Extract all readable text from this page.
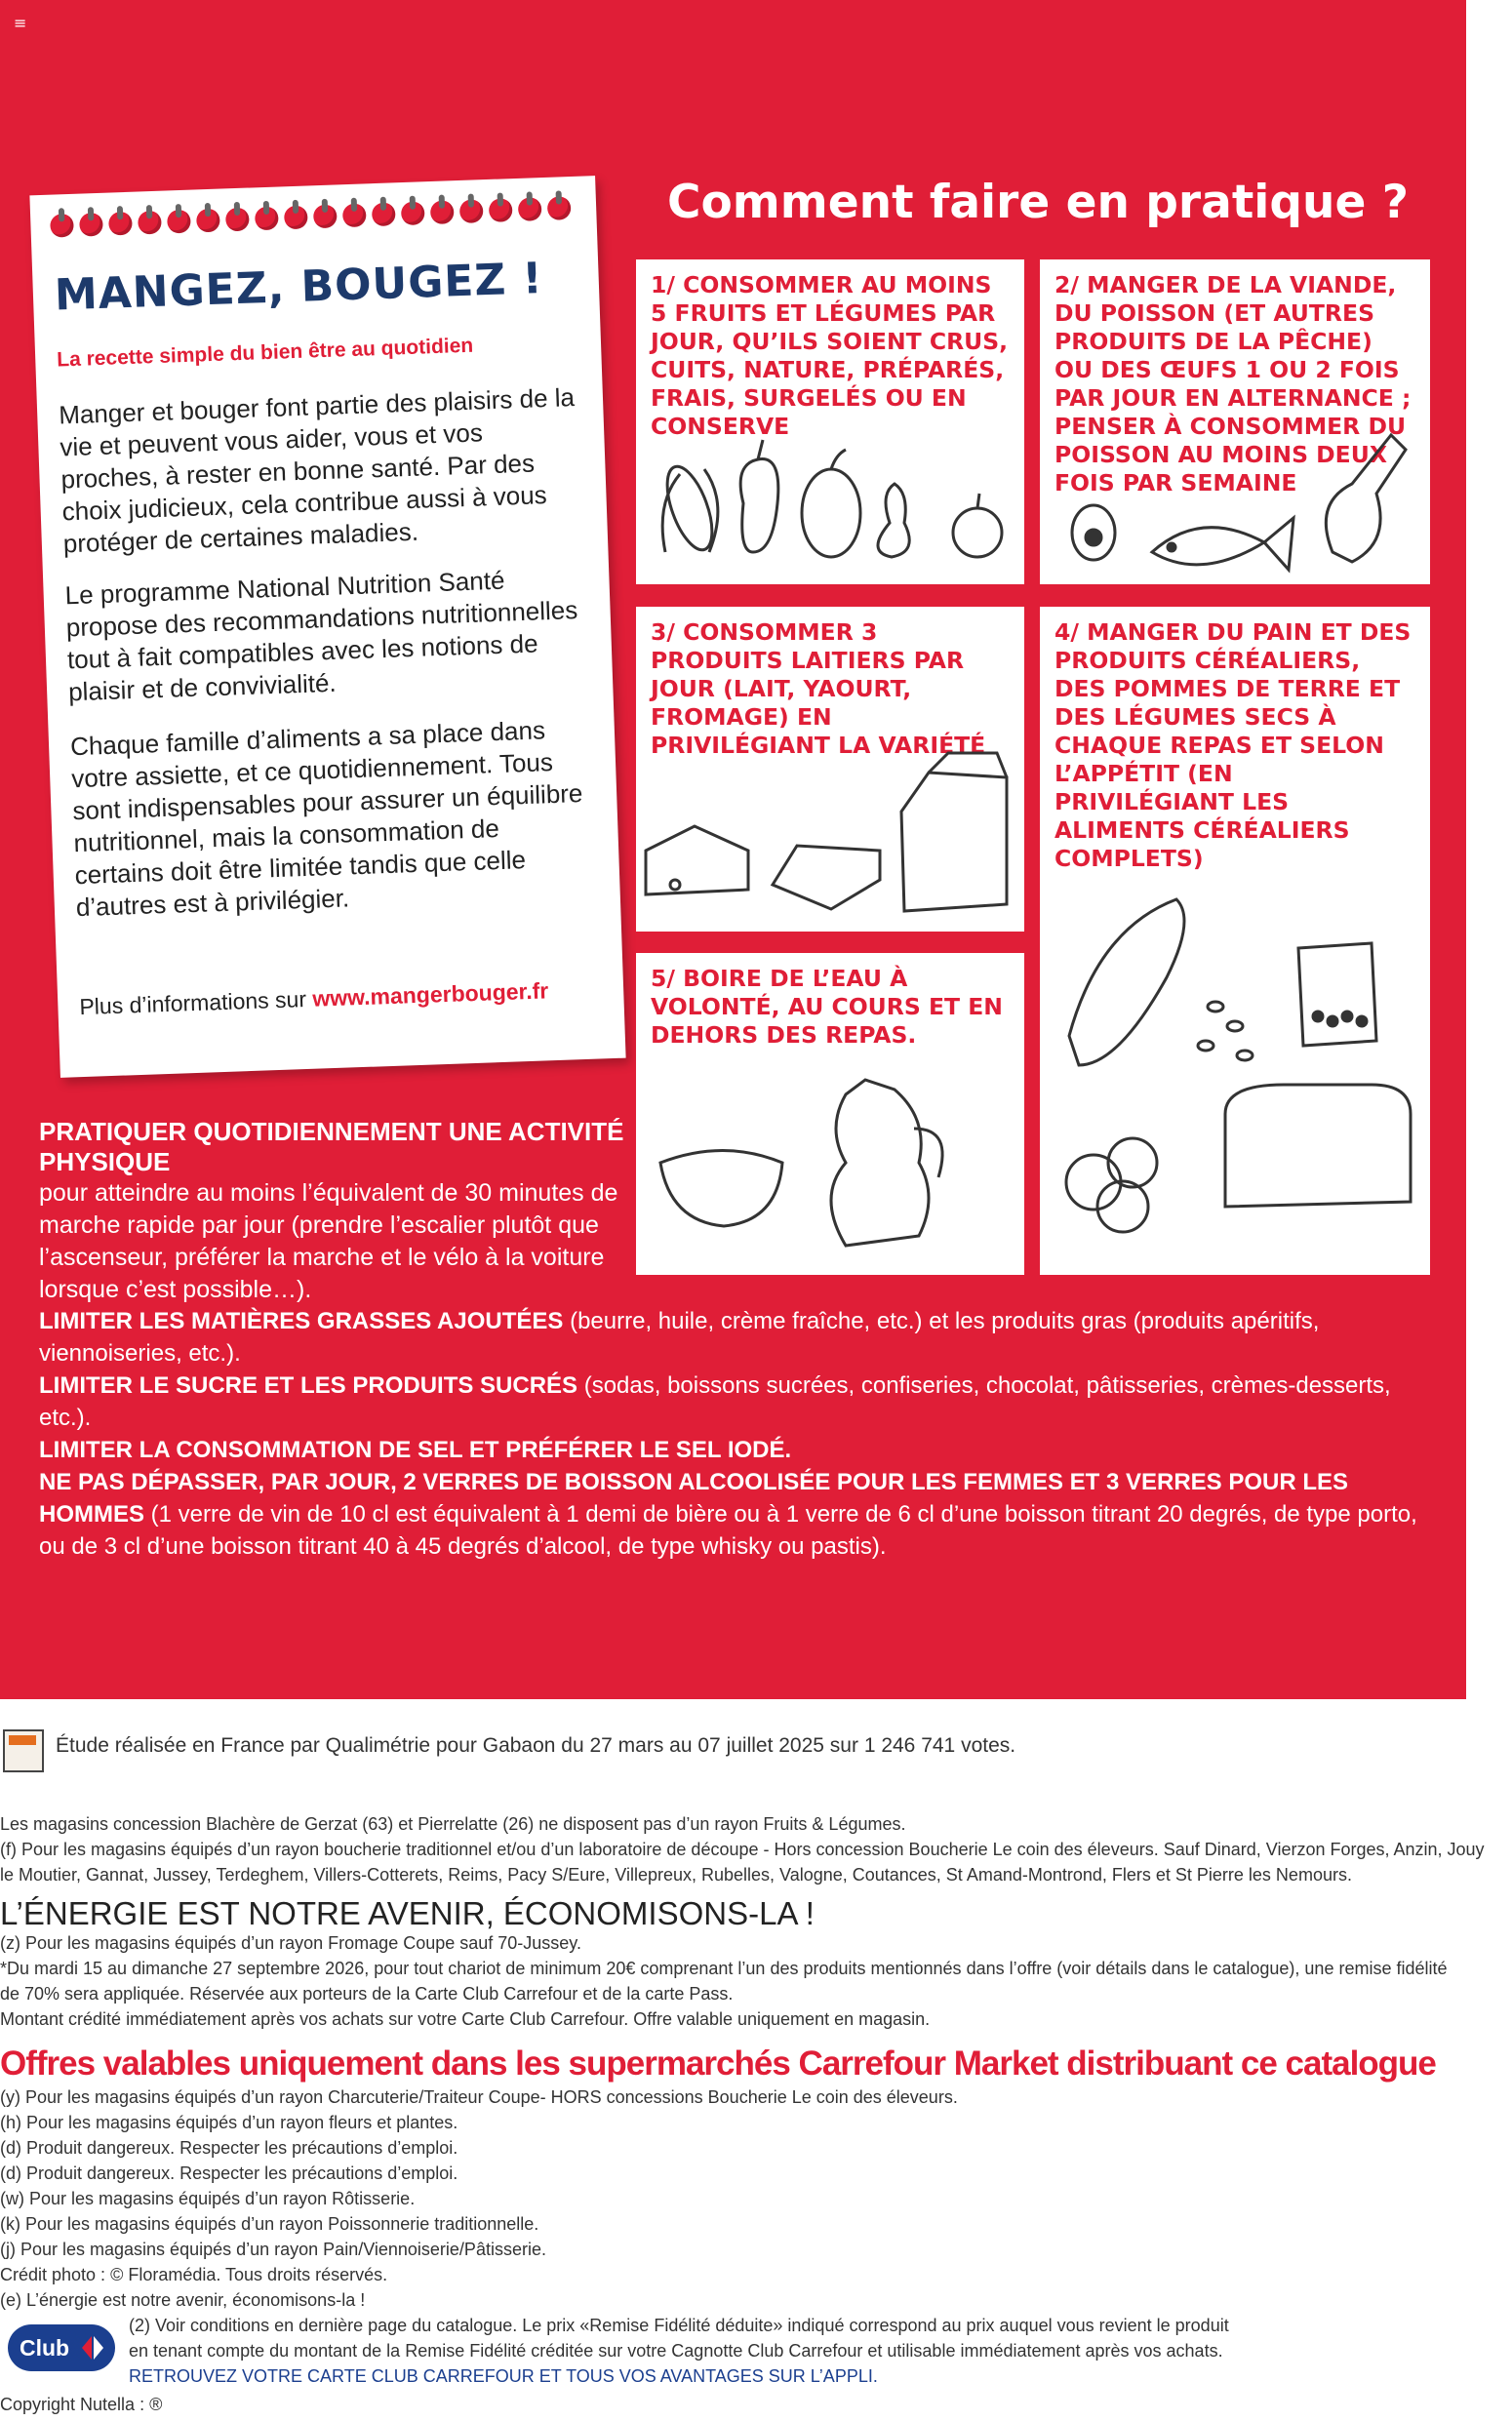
≡
MANGEZ, BOUGEZ !
La recette simple du bien être au quotidien
Manger et bouger font partie des plaisirs de la vie et peuvent vous aider, vous et vos proches, à rester en bonne santé. Par des choix judicieux, cela contribue aussi à vous protéger de certaines maladies.
Le programme National Nutrition Santé propose des recommandations nutritionnelles tout à fait compatibles avec les notions de plaisir et de convivialité.
Chaque famille d’aliments a sa place dans votre assiette, et ce quotidiennement. Tous sont indispensables pour assurer un équilibre nutritionnel, mais la consommation de certains doit être limitée tandis que celle d’autres est à privilégier.
Plus d’informations sur www.mangerbouger.fr
Comment faire en pratique ?
1/ CONSOMMER AU MOINS 5 FRUITS ET LÉGUMES PAR JOUR, QU’ILS SOIENT CRUS, CUITS, NATURE, PRÉPARÉS, FRAIS, SURGELÉS OU EN CONSERVE
2/ MANGER DE LA VIANDE, DU POISSON (ET AUTRES PRODUITS DE LA PÊCHE) OU DES ŒUFS 1 OU 2 FOIS PAR JOUR EN ALTERNANCE ; PENSER À CONSOMMER DU POISSON AU MOINS DEUX FOIS PAR SEMAINE
3/ CONSOMMER 3 PRODUITS LAITIERS PAR JOUR (LAIT, YAOURT, FROMAGE) EN PRIVILÉGIANT LA VARIÉTÉ
4/ MANGER DU PAIN ET DES PRODUITS CÉRÉALIERS, DES POMMES DE TERRE ET DES LÉGUMES SECS À CHAQUE REPAS ET SELON L’APPÉTIT (EN PRIVILÉGIANT LES ALIMENTS CÉRÉALIERS COMPLETS)
5/ BOIRE DE L’EAU À VOLONTÉ, AU COURS ET EN DEHORS DES REPAS.
PRATIQUER QUOTIDIENNEMENT UNE ACTIVITÉ PHYSIQUE
pour atteindre au moins l’équivalent de 30 minutes de marche rapide par jour (prendre l’escalier plutôt que l’ascenseur, préférer la marche et le vélo à la voiture lorsque c’est possible…).
LIMITER LES MATIÈRES GRASSES AJOUTÉES (beurre, huile, crème fraîche, etc.) et les produits gras (produits apéritifs, viennoiseries, etc.).
LIMITER LE SUCRE ET LES PRODUITS SUCRÉS (sodas, boissons sucrées, confiseries, chocolat, pâtisseries, crèmes-desserts, etc.).
LIMITER LA CONSOMMATION DE SEL ET PRÉFÉRER LE SEL IODÉ.
NE PAS DÉPASSER, PAR JOUR, 2 VERRES DE BOISSON ALCOOLISÉE POUR LES FEMMES ET 3 VERRES POUR LES HOMMES (1 verre de vin de 10 cl est équivalent à 1 demi de bière ou à 1 verre de 6 cl d’une boisson titrant 20 degrés, de type porto, ou de 3 cl d’une boisson titrant 40 à 45 degrés d’alcool, de type whisky ou pastis).
Étude réalisée en France par Qualimétrie pour Gabaon du 27 mars au 07 juillet 2025 sur 1 246 741 votes.
Les magasins concession Blachère de Gerzat (63) et Pierrelatte (26) ne disposent pas d’un rayon Fruits & Légumes.
(f) Pour les magasins équipés d’un rayon boucherie traditionnel et/ou d’un laboratoire de découpe - Hors concession Boucherie Le coin des éleveurs. Sauf Dinard, Vierzon Forges, Anzin, Jouy
le Moutier, Gannat, Jussey, Terdeghem, Villers-Cotterets, Reims, Pacy S/Eure, Villepreux, Rubelles, Valogne, Coutances, St Amand-Montrond, Flers et St Pierre les Nemours.
L’ÉNERGIE EST NOTRE AVENIR, ÉCONOMISONS-LA !
(z) Pour les magasins équipés d’un rayon Fromage Coupe sauf 70-Jussey.
*Du mardi 15 au dimanche 27 septembre 2026, pour tout chariot de minimum 20€ comprenant l’un des produits mentionnés dans l’offre (voir détails dans le catalogue), une remise fidélité
de 70% sera appliquée. Réservée aux porteurs de la Carte Club Carrefour et de la carte Pass.
Montant crédité immédiatement après vos achats sur votre Carte Club Carrefour. Offre valable uniquement en magasin.
Offres valables uniquement dans les supermarchés Carrefour Market distribuant ce catalogue
(y) Pour les magasins équipés d’un rayon Charcuterie/Traiteur Coupe- HORS concessions Boucherie Le coin des éleveurs.
(h) Pour les magasins équipés d’un rayon fleurs et plantes.
(d) Produit dangereux. Respecter les précautions d’emploi.
(d) Produit dangereux. Respecter les précautions d’emploi.
(w) Pour les magasins équipés d’un rayon Rôtisserie.
(k) Pour les magasins équipés d’un rayon Poissonnerie traditionnelle.
(j) Pour les magasins équipés d’un rayon Pain/Viennoiserie/Pâtisserie.
Crédit photo : © Floramédia. Tous droits réservés.
(e) L’énergie est notre avenir, économisons-la !
Club
(2) Voir conditions en dernière page du catalogue. Le prix «Remise Fidélité déduite» indiqué correspond au prix auquel vous revient le produit
en tenant compte du montant de la Remise Fidélité créditée sur votre Cagnotte Club Carrefour et utilisable immédiatement après vos achats.
RETROUVEZ VOTRE CARTE CLUB CARREFOUR ET TOUS VOS AVANTAGES SUR L’APPLI.
Copyright Nutella : ®
